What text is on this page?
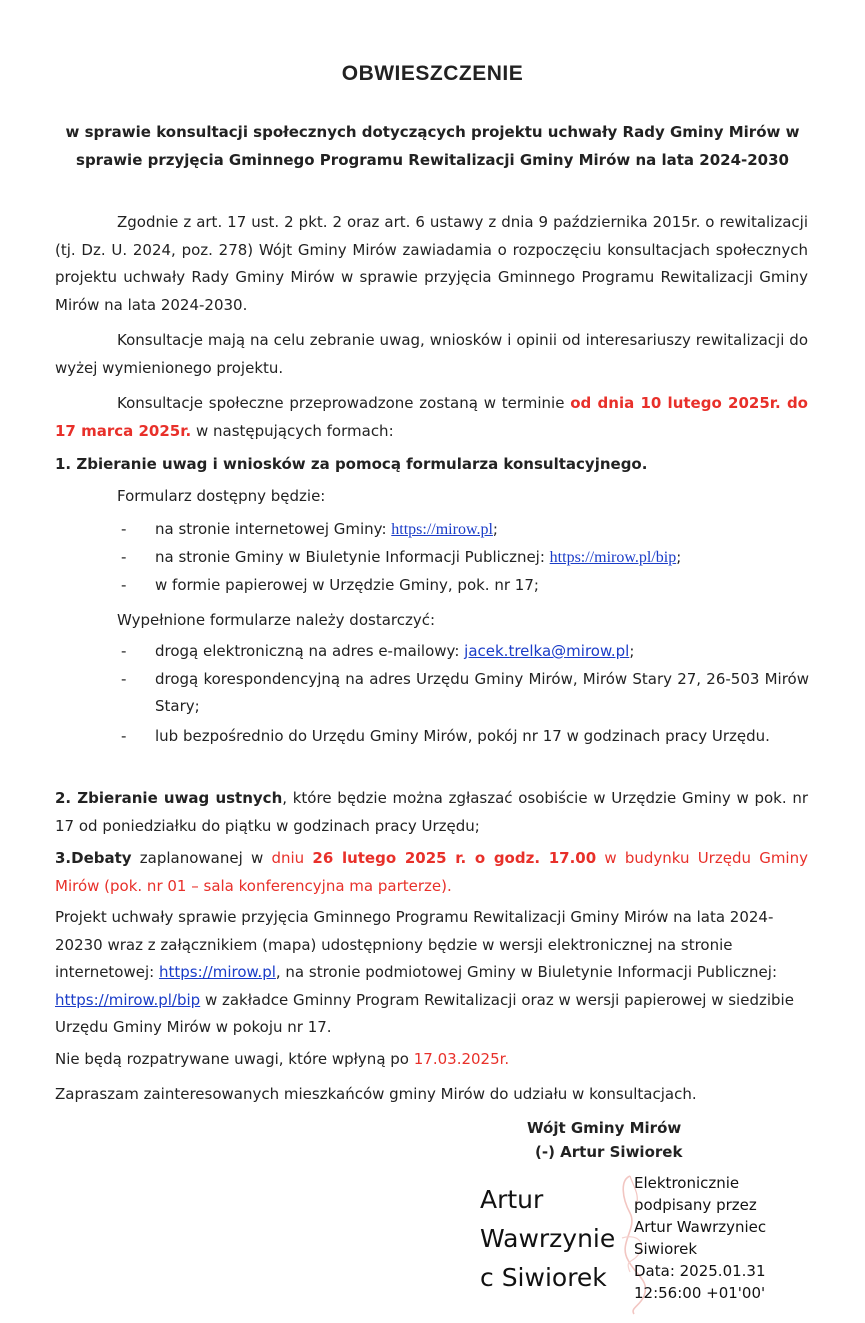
OBWIESZCZENIE
w sprawie konsultacji społecznych dotyczących projektu uchwały Rady Gminy Mirów w sprawie przyjęcia Gminnego Programu Rewitalizacji Gminy Mirów na lata 2024-2030
Zgodnie z art. 17 ust. 2 pkt. 2 oraz art. 6 ustawy z dnia 9 października 2015r. o rewitalizacji (tj. Dz. U. 2024, poz. 278) Wójt Gminy Mirów zawiadamia o rozpoczęciu konsultacjach społecznych projektu uchwały Rady Gminy Mirów w sprawie przyjęcia Gminnego Programu Rewitalizacji Gminy Mirów na lata 2024-2030.
Konsultacje mają na celu zebranie uwag, wniosków i opinii od interesariuszy rewitalizacji do wyżej wymienionego projektu.
Konsultacje społeczne przeprowadzone zostaną w terminie od dnia 10 lutego 2025r. do 17 marca 2025r. w następujących formach:
1. Zbieranie uwag i wniosków za pomocą formularza konsultacyjnego.
Formularz dostępny będzie:
- na stronie internetowej Gminy: https://mirow.pl;
- na stronie Gminy w Biuletynie Informacji Publicznej: https://mirow.pl/bip;
- w formie papierowej w Urzędzie Gminy, pok. nr 17;
Wypełnione formularze należy dostarczyć:
- drogą elektroniczną na adres e-mailowy: jacek.trelka@mirow.pl;
- drogą korespondencyjną na adres Urzędu Gminy Mirów, Mirów Stary 27, 26-503 Mirów Stary;
- lub bezpośrednio do Urzędu Gminy Mirów, pokój nr 17 w godzinach pracy Urzędu.
2. Zbieranie uwag ustnych, które będzie można zgłaszać osobiście w Urzędzie Gminy w pok. nr 17 od poniedziałku do piątku w godzinach pracy Urzędu;
3.Debaty zaplanowanej w dniu 26 lutego 2025 r. o godz. 17.00 w budynku Urzędu Gminy Mirów (pok. nr 01 – sala konferencyjna ma parterze).
Projekt uchwały sprawie przyjęcia Gminnego Programu Rewitalizacji Gminy Mirów na lata 2024-20230 wraz z załącznikiem (mapa) udostępniony będzie w wersji elektronicznej na stronie internetowej: https://mirow.pl, na stronie podmiotowej Gminy w Biuletynie Informacji Publicznej: https://mirow.pl/bip w zakładce Gminny Program Rewitalizacji oraz w wersji papierowej w siedzibie Urzędu Gminy Mirów w pokoju nr 17.
Nie będą rozpatrywane uwagi, które wpłyną po 17.03.2025r.
Zapraszam zainteresowanych mieszkańców gminy Mirów do udziału w konsultacjach.
Wójt Gminy Mirów
(-) Artur Siwiorek
Artur
Wawrzynie
c Siwiorek
Elektronicznie
podpisany przez
Artur Wawrzyniec
Siwiorek
Data: 2025.01.31
12:56:00 +01'00'
